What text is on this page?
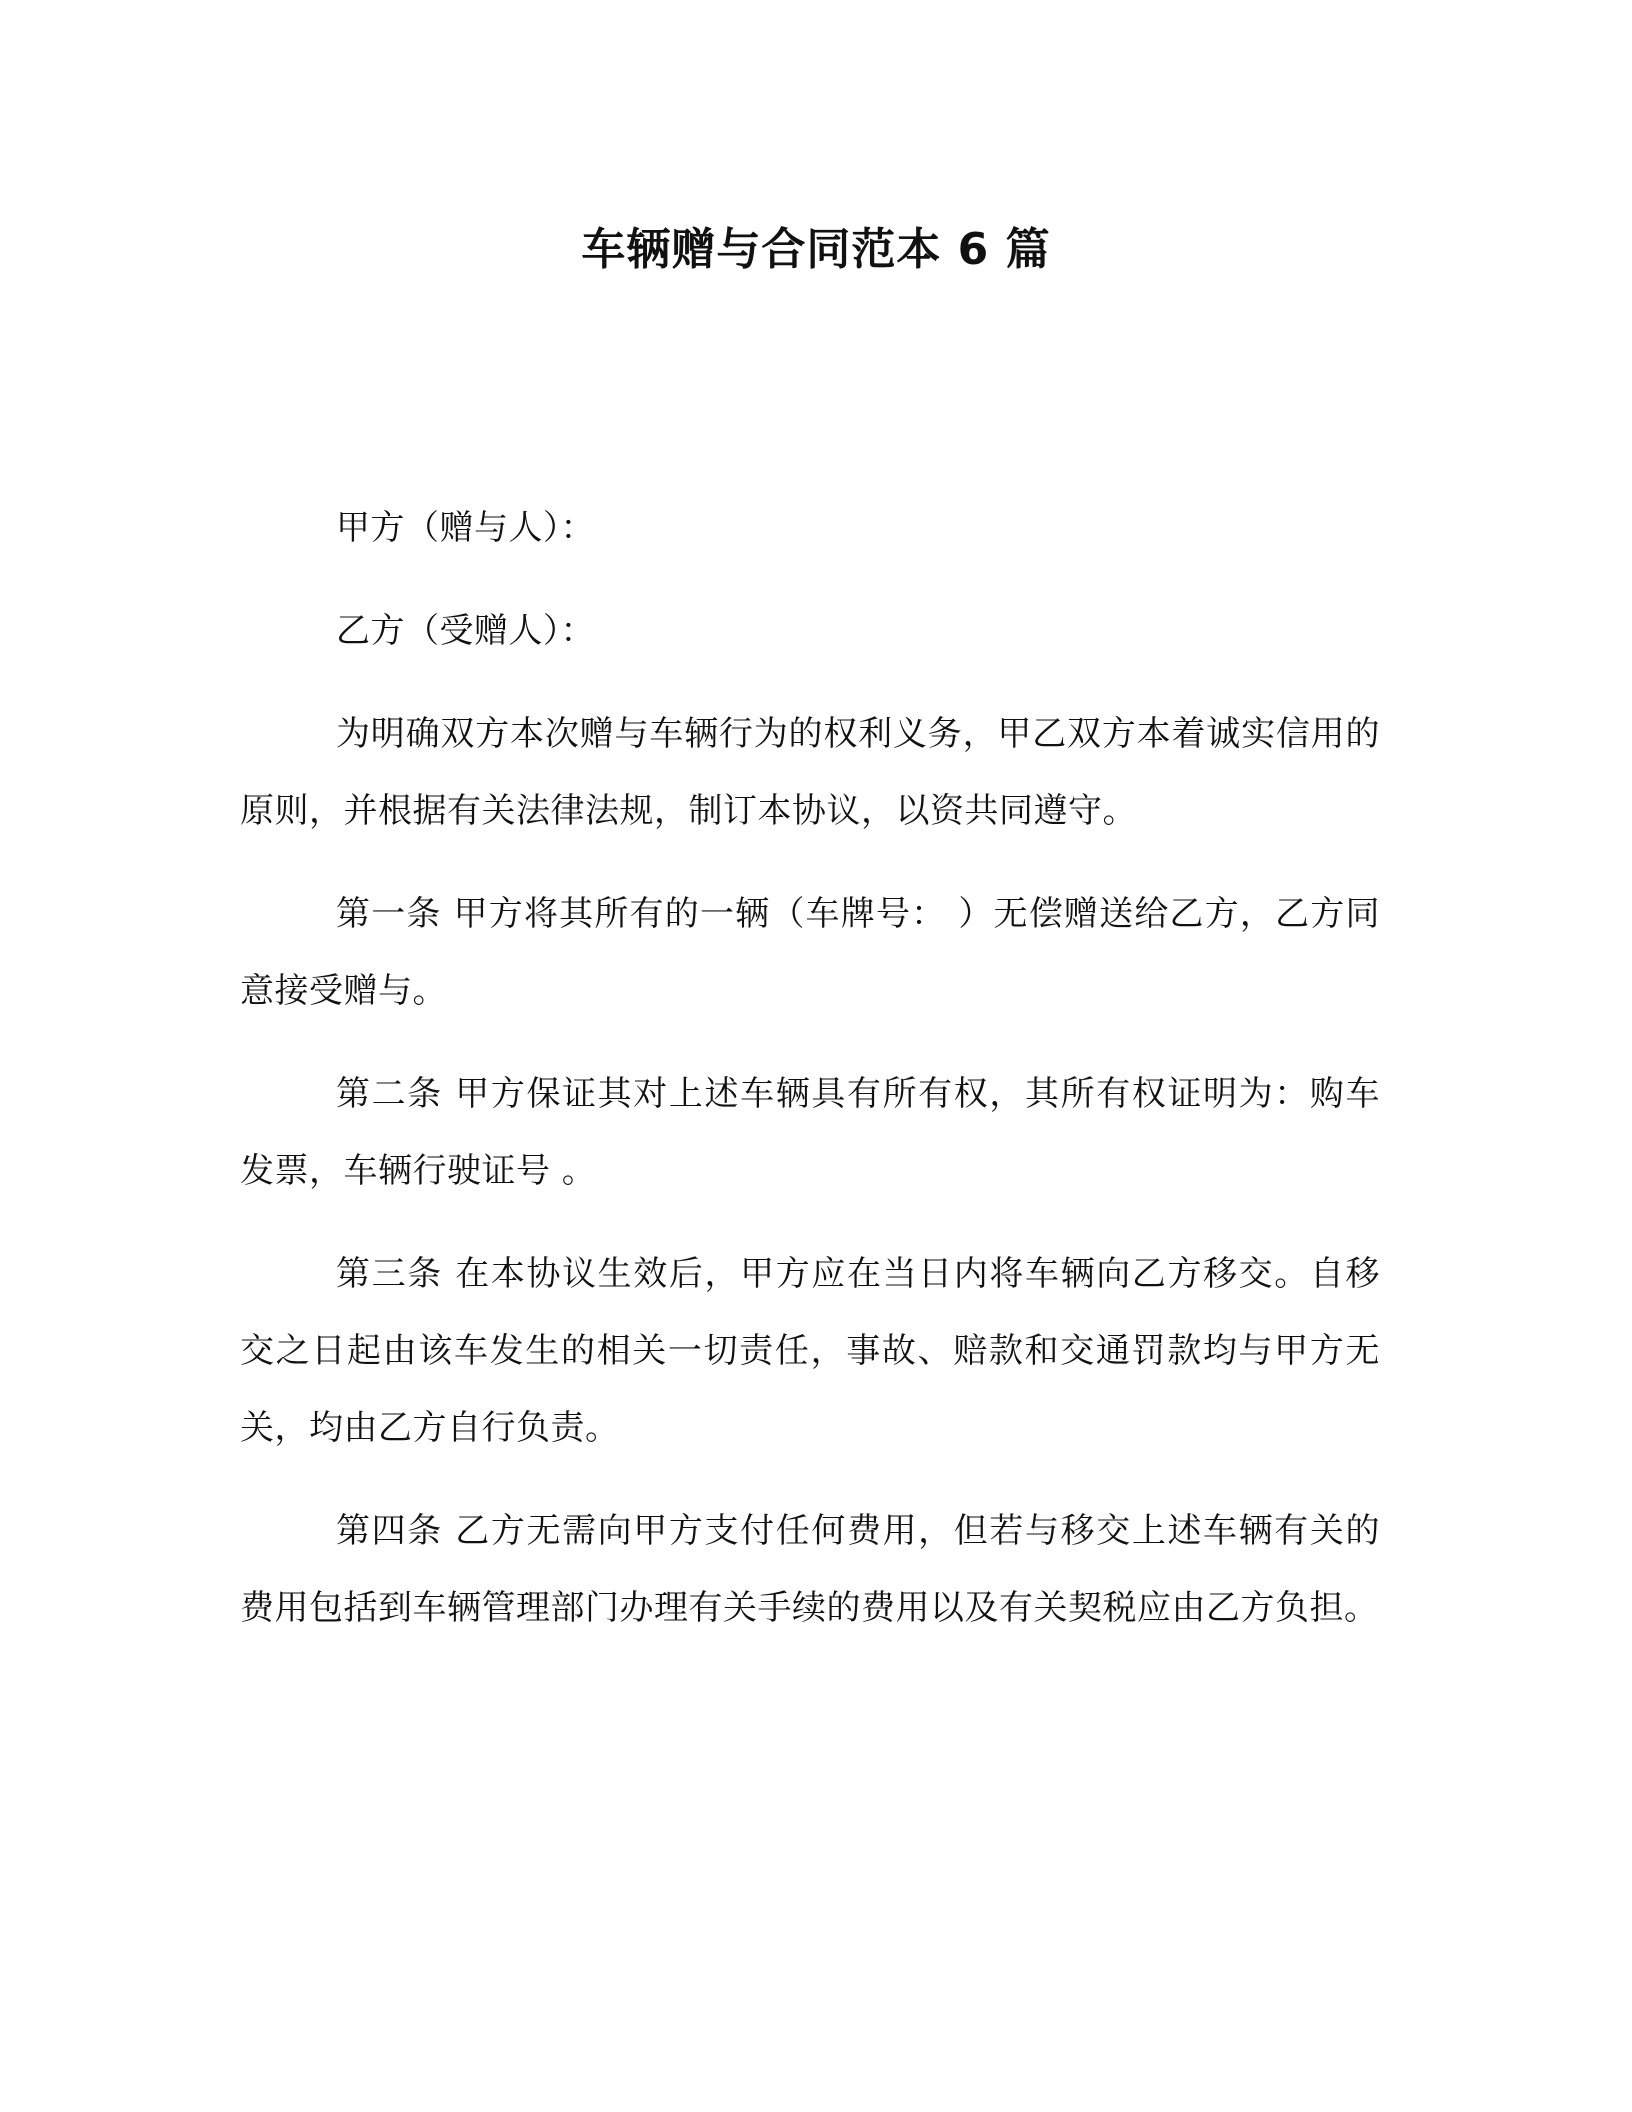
车辆赠与合同范本 6 篇

甲方（赠与人）：

乙方（受赠人）：

为明确双方本次赠与车辆行为的权利义务，甲乙双方本着诚实信用的原则，并根据有关法律法规，制订本协议，以资共同遵守。

第一条 甲方将其所有的一辆（车牌号： ）无偿赠送给乙方，乙方同意接受赠与。

第二条 甲方保证其对上述车辆具有所有权，其所有权证明为：购车发票，车辆行驶证号 。

第三条 在本协议生效后，甲方应在当日内将车辆向乙方移交。自移交之日起由该车发生的相关一切责任，事故、赔款和交通罚款均与甲方无关，均由乙方自行负责。

第四条 乙方无需向甲方支付任何费用，但若与移交上述车辆有关的费用包括到车辆管理部门办理有关手续的费用以及有关契税应由乙方负担。
